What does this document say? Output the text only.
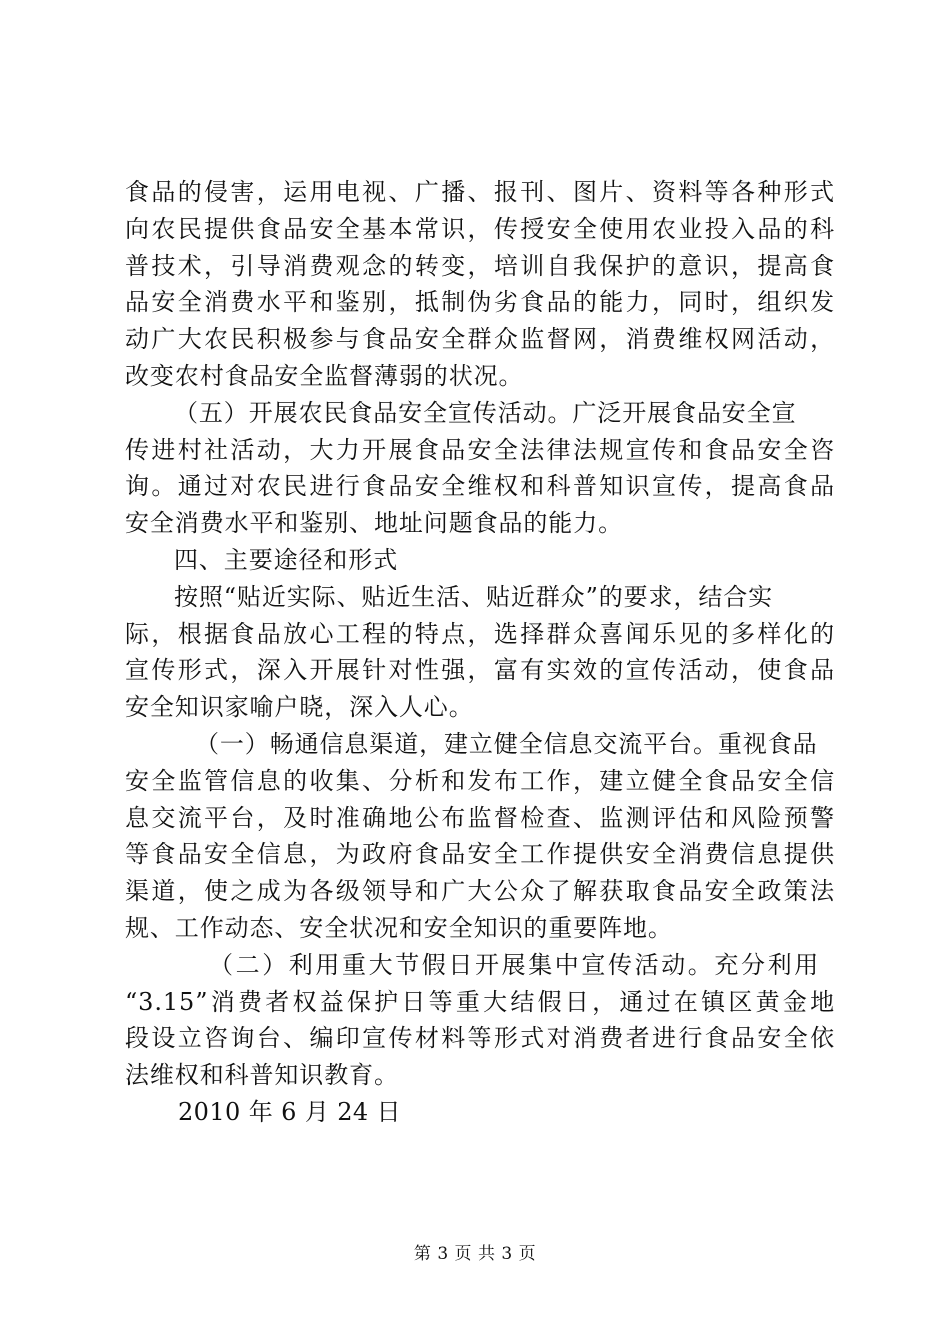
食品的侵害，运用电视、广播、报刊、图片、资料等各种形式
向农民提供食品安全基本常识，传授安全使用农业投入品的科
普技术，引导消费观念的转变，培训自我保护的意识，提高食
品安全消费水平和鉴别，抵制伪劣食品的能力，同时，组织发
动广大农民积极参与食品安全群众监督网，消费维权网活动，
改变农村食品安全监督薄弱的状况。
（五）开展农民食品安全宣传活动。广泛开展食品安全宣
传进村社活动，大力开展食品安全法律法规宣传和食品安全咨
询。通过对农民进行食品安全维权和科普知识宣传，提高食品
安全消费水平和鉴别、地址问题食品的能力。
四、主要途径和形式
按照“贴近实际、贴近生活、贴近群众”的要求，结合实
际，根据食品放心工程的特点，选择群众喜闻乐见的多样化的
宣传形式，深入开展针对性强，富有实效的宣传活动，使食品
安全知识家喻户晓，深入人心。
（一）畅通信息渠道，建立健全信息交流平台。重视食品
安全监管信息的收集、分析和发布工作，建立健全食品安全信
息交流平台，及时准确地公布监督检查、监测评估和风险预警
等食品安全信息，为政府食品安全工作提供安全消费信息提供
渠道，使之成为各级领导和广大公众了解获取食品安全政策法
规、工作动态、安全状况和安全知识的重要阵地。
（二）利用重大节假日开展集中宣传活动。充分利用
“3.15”消费者权益保护日等重大结假日，通过在镇区黄金地
段设立咨询台、编印宣传材料等形式对消费者进行食品安全依
法维权和科普知识教育。
2010 年 6 月 24 日
第 3 页 共 3 页
